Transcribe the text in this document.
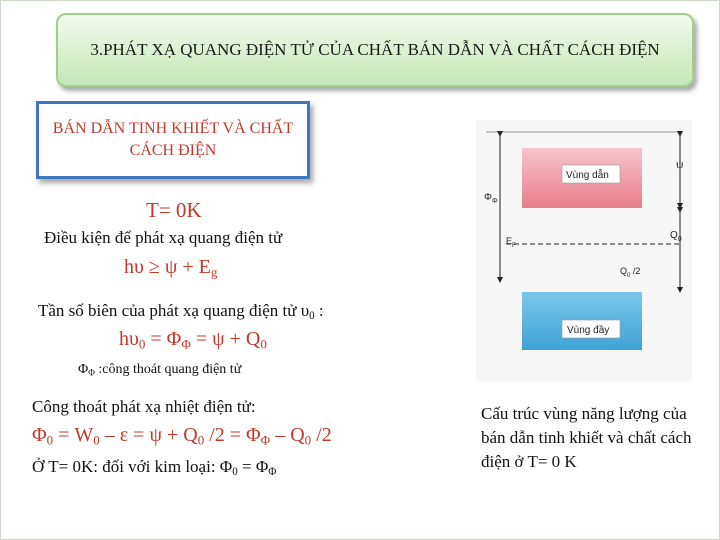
3.PHÁT XẠ QUANG ĐIỆN TỬ CỦA CHẤT BÁN DẪN VÀ CHẤT CÁCH ĐIỆN
BÁN DẪN TINH KHIẾT VÀ CHẤT CÁCH ĐIỆN
T= 0K
Điều kiện để phát xạ quang điện tử
$h\upsilon \ge \psi + E_g$
Tần số biên của phát xạ quang điện tử $\upsilon_0$ :
$h\upsilon_0 = \Phi_\Phi = \psi + Q_0$
$\Phi_\Phi$ :công thoát quang điện tử
Công thoát phát xạ nhiệt điện tử:
$\Phi_0 = W_0 - \varepsilon = \psi + Q_0$ $/2 = \Phi_\Phi - Q_0$ /2
Ở T= 0K: đối với kim loại: $\Phi_0 = \Phi_\Phi$
Vùng dẫn
Vùng đầy
$\Phi_\Phi$
ψ
$Q_0$
$E_F$
$Q_0$ /2
Cấu trúc vùng năng lượng của bán dẫn tinh khiết và chất cách điện ở T= 0 K
